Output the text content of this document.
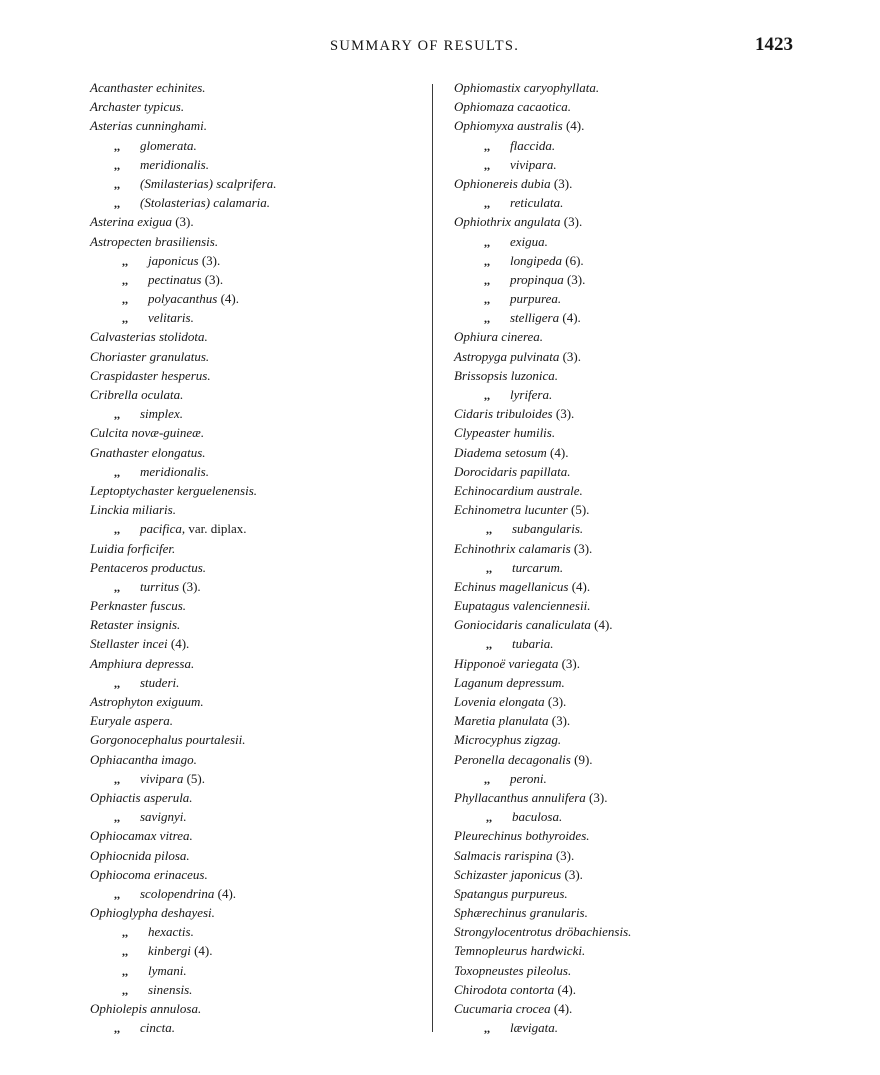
SUMMARY OF RESULTS.	1423
Acanthaster echinites.
Archaster typicus.
Asterias cunninghami.
,, glomerata.
,, meridionalis.
,, (Smilasterias) scalprifera.
,, (Stolasterias) calamaria.
Asterina exigua (3).
Astropecten brasiliensis.
,, japonicus (3).
,, pectinatus (3).
,, polyacanthus (4).
,, velitaris.
Calvasterias stolidota.
Choriaster granulatus.
Craspidaster hesperus.
Cribrella oculata.
,, simplex.
Culcita novæ-guineæ.
Gnathaster elongatus.
,, meridionalis.
Leptoptychaster kerguelenensis.
Linckia miliaris.
,, pacifica, var. diplax.
Luidia forficifer.
Pentaceros productus.
,, turritus (3).
Perknaster fuscus.
Retaster insignis.
Stellaster incei (4).
Amphiura depressa.
,, studeri.
Astrophyton exiguum.
Euryale aspera.
Gorgonocephalus pourtalesii.
Ophiacantha imago.
,, vivipara (5).
Ophiactis asperula.
,, savignyi.
Ophiocamax vitrea.
Ophiocnida pilosa.
Ophiocoma erinaceus.
,, scolopendrina (4).
Ophioglypha deshayesi.
,, hexactis.
,, kinbergi (4).
,, lymani.
,, sinensis.
Ophiolepis annulosa.
,, cincta.
Ophiomastix caryophyllata.
Ophiomaza cacaotica.
Ophiomyxa australis (4).
,, flaccida.
,, vivipara.
Ophionereis dubia (3).
,, reticulata.
Ophiothrix angulata (3).
,, exigua.
,, longipeda (6).
,, propinqua (3).
,, purpurea.
,, stelligera (4).
Ophiura cinerea.
Astropyga pulvinata (3).
Brissopsis luzonica.
,, lyrifera.
Cidaris tribuloides (3).
Clypeaster humilis.
Diadema setosum (4).
Dorocidaris papillata.
Echinocardium australe.
Echinometra lucunter (5).
,, subangularis.
Echinothrix calamaris (3).
,, turcarum.
Echinus magellanicus (4).
Eupatagus valenciennesii.
Goniocidaris canaliculata (4).
,, tubaria.
Hipponoë variegata (3).
Laganum depressum.
Lovenia elongata (3).
Maretia planulata (3).
Microcyphus zigzag.
Peronella decagonalis (9).
,, peroni.
Phyllacanthus annulifera (3).
,, baculosa.
Pleurechinus bothyroides.
Salmacis rarispina (3).
Schizaster japonicus (3).
Spatangus purpureus.
Sphærechinus granularis.
Strongylocentrotus dröbachiensis.
Temnopleurus hardwicki.
Toxopneustes pileolus.
Chirodota contorta (4).
Cucumaria crocea (4).
,, lævigata.
